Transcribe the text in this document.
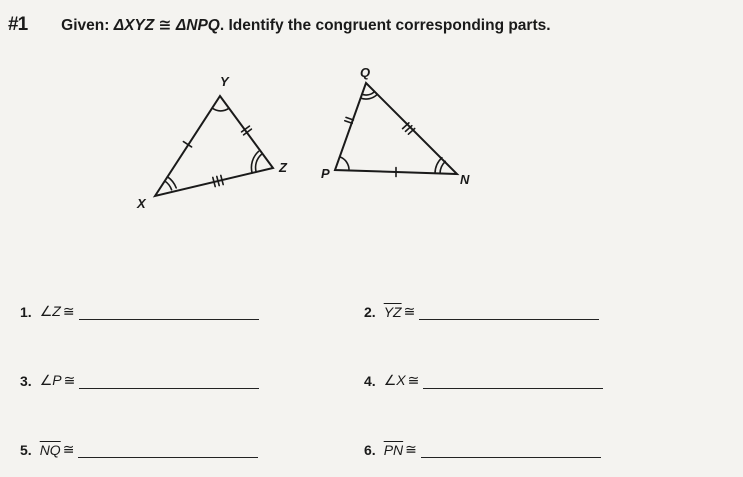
#1 Given: ΔXYZ ≅ ΔNPQ. Identify the congruent corresponding parts.
Y
X
Z
Q
P	N
1. ∠Z ≅	2. $\overline{YZ}$ ≅
3. ∠P ≅	4. ∠X ≅
5. $\overline{NQ}$ ≅	6. $\overline{PN}$ ≅
